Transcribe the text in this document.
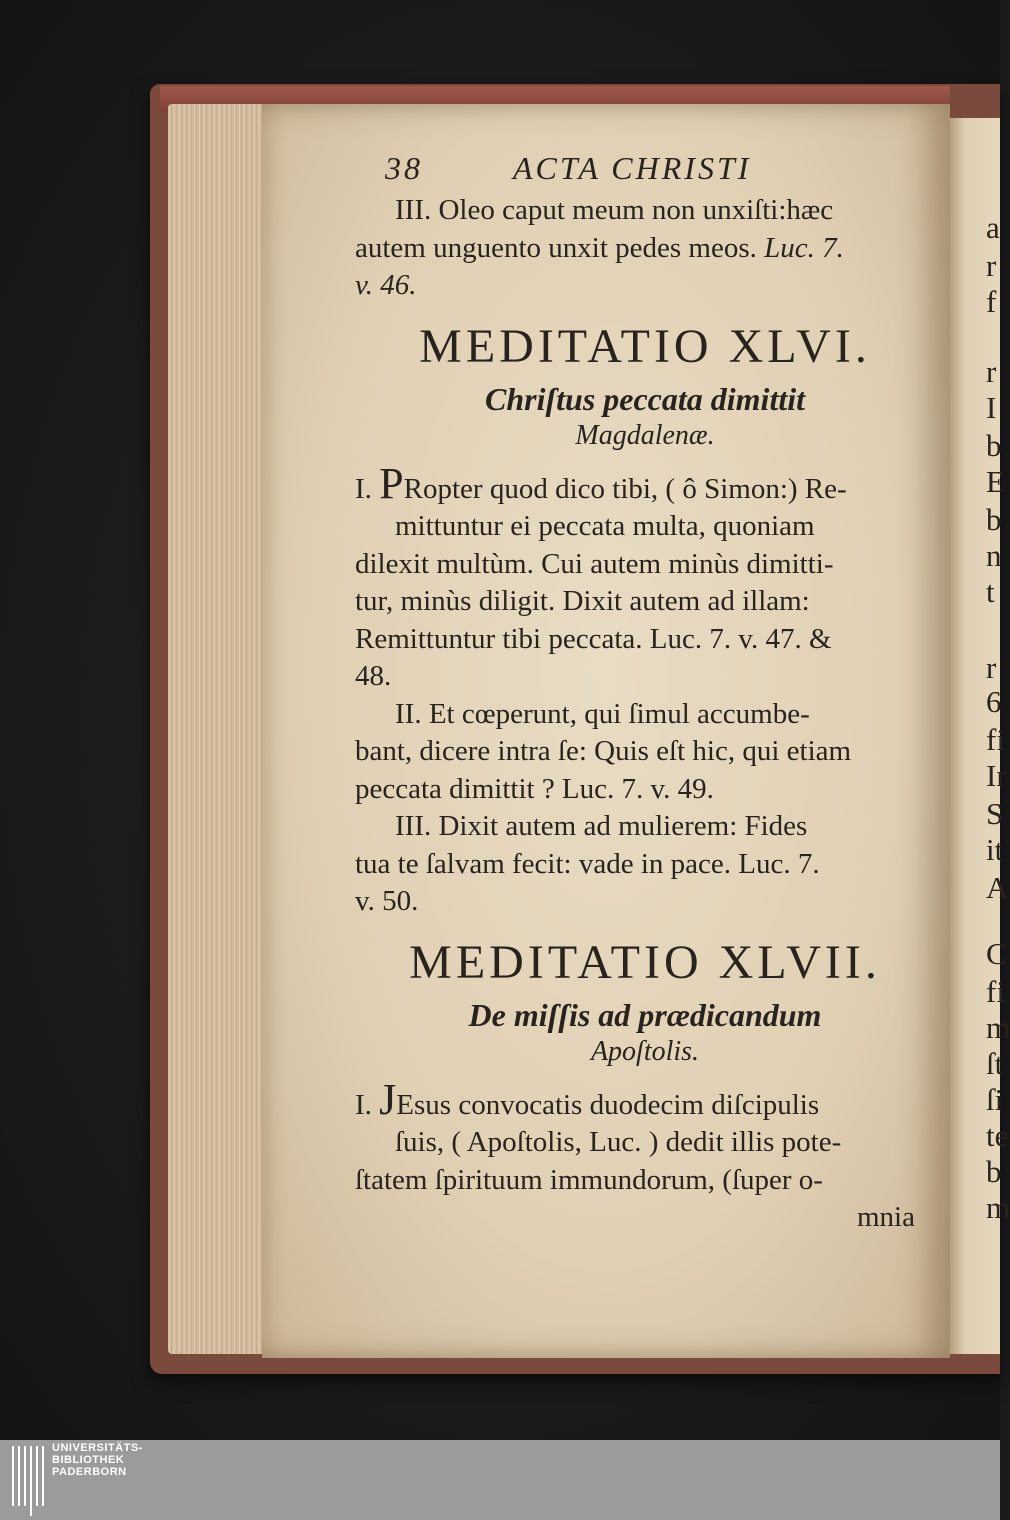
a
r
f
r
I
b
E
b
n
t
r
6
fi
Ir
S
it
A
C
fi
m
ſt
ſi
te
b
m
38	ACTA CHRISTI
III. Oleo caput meum non unxiſti:hæc
autem unguento unxit pedes meos. Luc. 7.
v. 46.
MEDITATIO XLVI.
Chriſtus peccata dimittit
Magdalenæ.
I. PRopter quod dico tibi, ( ô Simon:) Re-
mittuntur ei peccata multa, quoniam
dilexit multùm. Cui autem minùs dimitti-
tur, minùs diligit. Dixit autem ad illam:
Remittuntur tibi peccata. Luc. 7. v. 47. &
48.
II. Et cœperunt, qui ſimul accumbe-
bant, dicere intra ſe: Quis eſt hic, qui etiam
peccata dimittit ? Luc. 7. v. 49.
III. Dixit autem ad mulierem: Fides
tua te ſalvam fecit: vade in pace. Luc. 7.
v. 50.
MEDITATIO XLVII.
De miſſis ad prædicandum
Apoſtolis.
I. JEsus convocatis duodecim diſcipulis
ſuis, ( Apoſtolis, Luc. ) dedit illis pote-
ſtatem ſpirituum immundorum, (ſuper o-
mnia
UNIVERSITÄTS-
BIBLIOTHEK
PADERBORN
